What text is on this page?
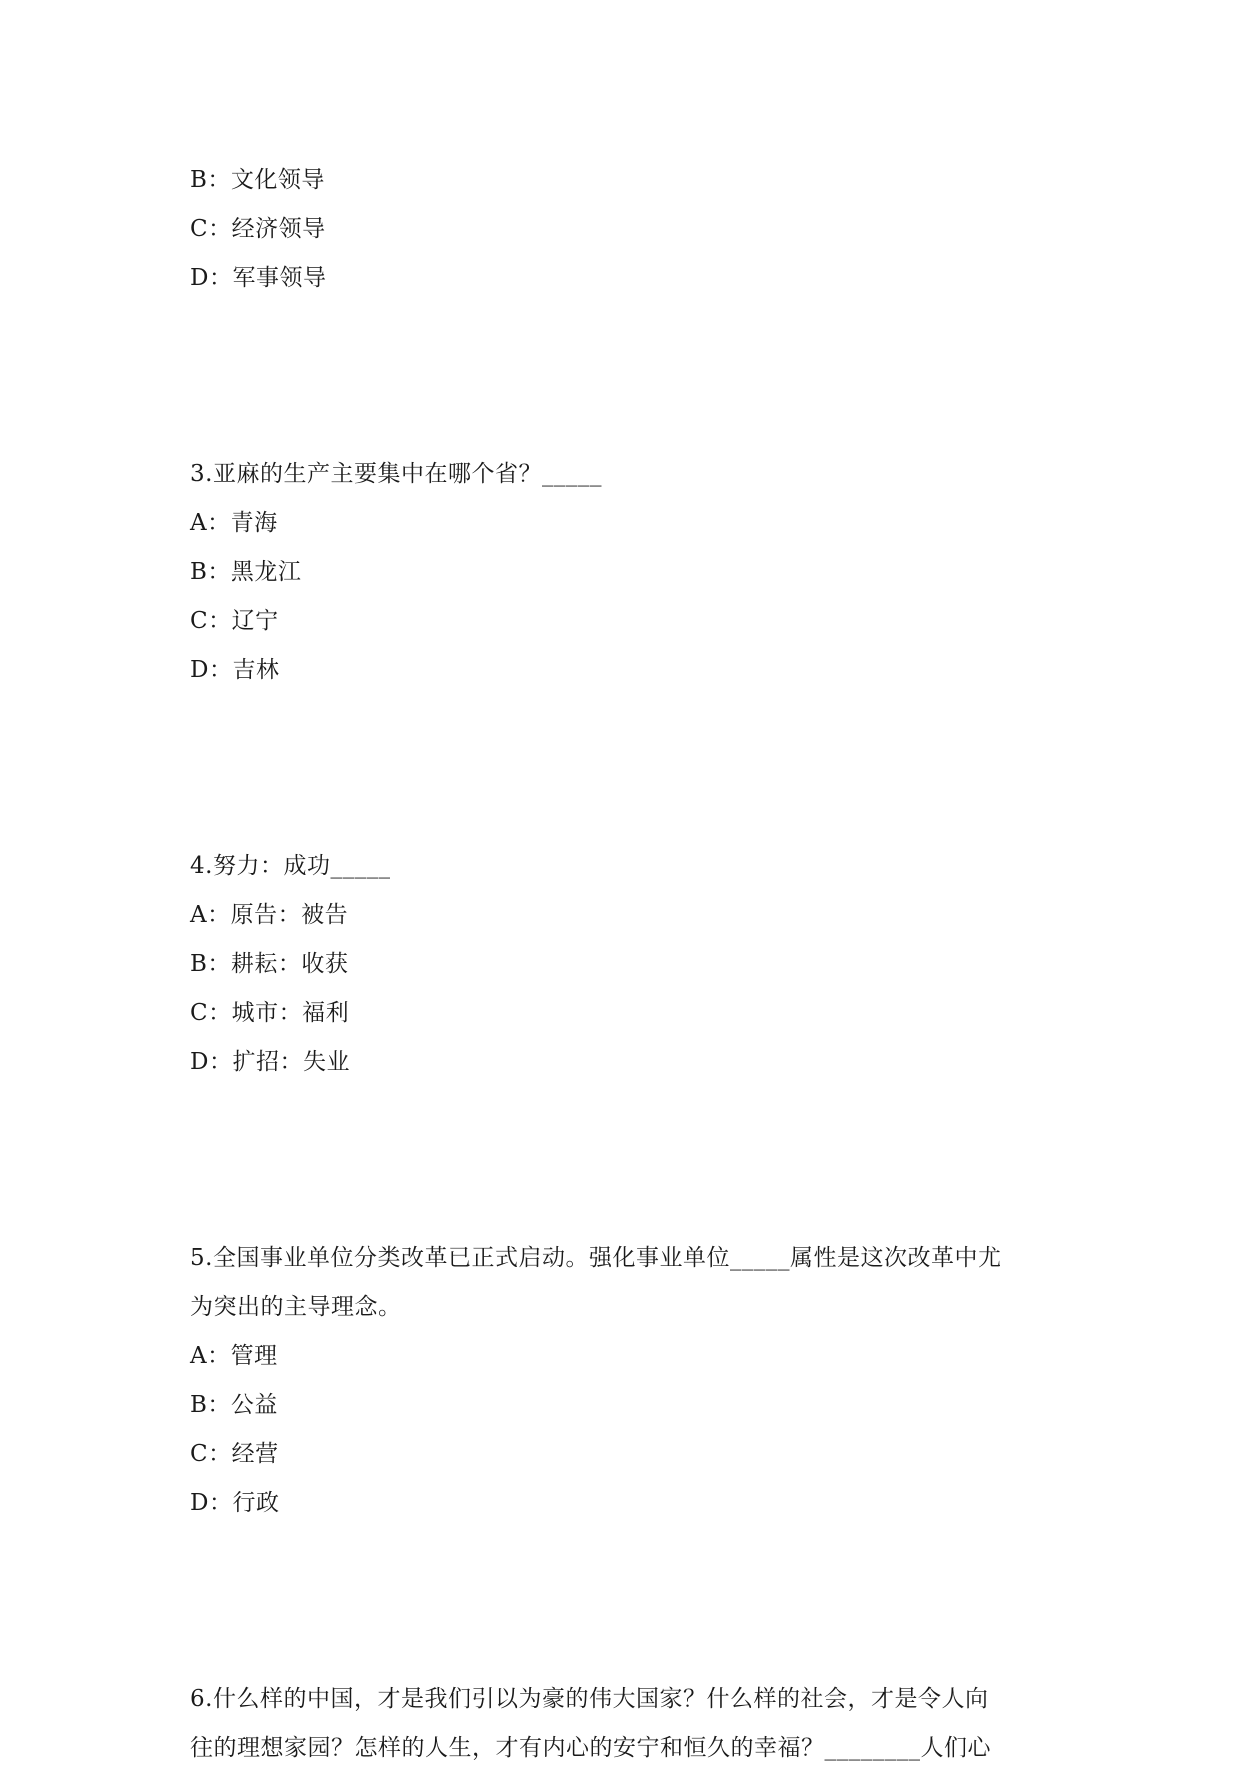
B：文化领导
C：经济领导
D：军事领导
3.亚麻的生产主要集中在哪个省？_____
A：青海
B：黑龙江
C：辽宁
D：吉林
4.努力：成功_____
A：原告：被告
B：耕耘：收获
C：城市：福利
D：扩招：失业
5.全国事业单位分类改革已正式启动。强化事业单位_____属性是这次改革中尤
为突出的主导理念。
A：管理
B：公益
C：经营
D：行政
6.什么样的中国，才是我们引以为豪的伟大国家？什么样的社会，才是令人向
往的理想家园？怎样的人生，才有内心的安宁和恒久的幸福？________人们心
